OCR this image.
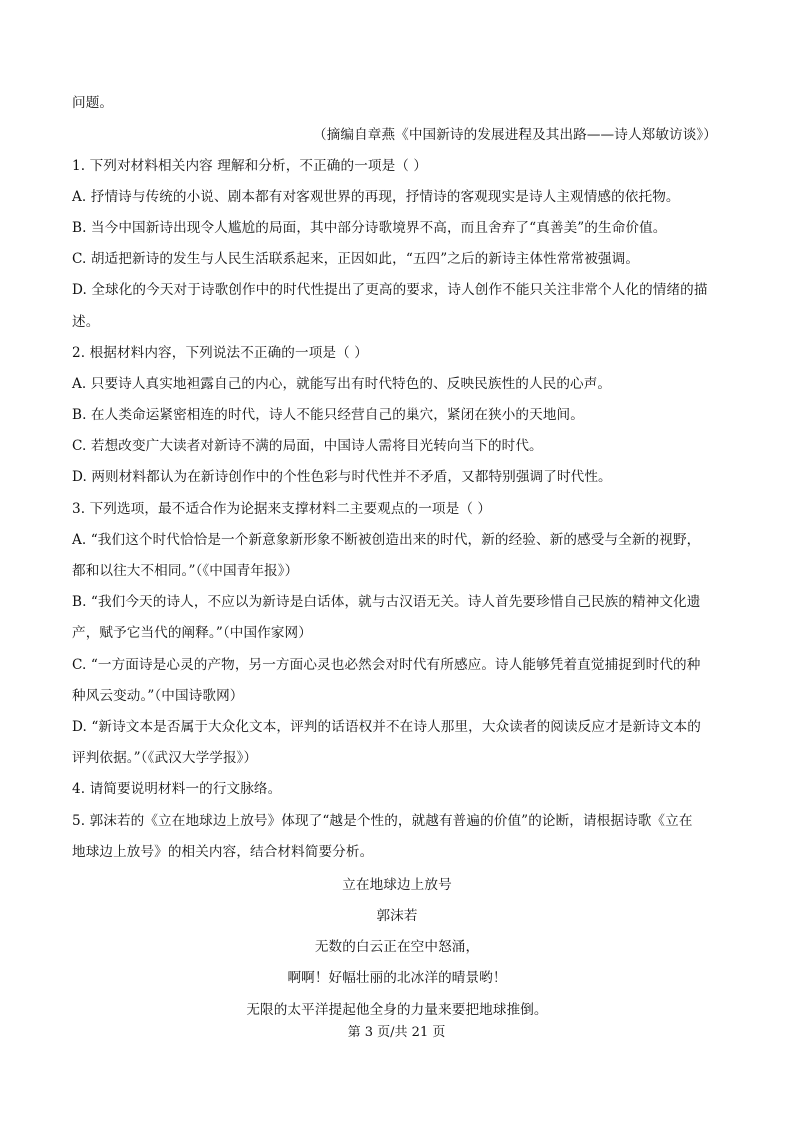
问题。
（摘编自章燕《中国新诗的发展进程及其出路——诗人郑敏访谈》）
1. 下列对材料相关内容 理解和分析，不正确的一项是（ ）
A. 抒情诗与传统的小说、剧本都有对客观世界的再现，抒情诗的客观现实是诗人主观情感的依托物。
B. 当今中国新诗出现令人尴尬的局面，其中部分诗歌境界不高，而且舍弃了“真善美”的生命价值。
C. 胡适把新诗的发生与人民生活联系起来，正因如此，“五四”之后的新诗主体性常常被强调。
D. 全球化的今天对于诗歌创作中的时代性提出了更高的要求，诗人创作不能只关注非常个人化的情绪的描
述。
2. 根据材料内容，下列说法不正确的一项是（ ）
A. 只要诗人真实地袒露自己的内心，就能写出有时代特色的、反映民族性的人民的心声。
B. 在人类命运紧密相连的时代，诗人不能只经营自己的巢穴，紧闭在狭小的天地间。
C. 若想改变广大读者对新诗不满的局面，中国诗人需将目光转向当下的时代。
D. 两则材料都认为在新诗创作中的个性色彩与时代性并不矛盾，又都特别强调了时代性。
3. 下列选项，最不适合作为论据来支撑材料二主要观点的一项是（ ）
A. “我们这个时代恰恰是一个新意象新形象不断被创造出来的时代，新的经验、新的感受与全新的视野，
都和以往大不相同。”（《中国青年报》）
B. “我们今天的诗人，不应以为新诗是白话体，就与古汉语无关。诗人首先要珍惜自己民族的精神文化遗
产，赋予它当代的阐释。”（中国作家网）
C. “一方面诗是心灵的产物，另一方面心灵也必然会对时代有所感应。诗人能够凭着直觉捕捉到时代的种
种风云变动。”（中国诗歌网）
D. “新诗文本是否属于大众化文本，评判的话语权并不在诗人那里，大众读者的阅读反应才是新诗文本的
评判依据。”（《武汉大学学报》）
4. 请简要说明材料一的行文脉络。
5. 郭沫若的《立在地球边上放号》体现了“越是个性的，就越有普遍的价值”的论断，请根据诗歌《立在
地球边上放号》的相关内容，结合材料简要分析。
立在地球边上放号
郭沫若
无数的白云正在空中怒涌，
啊啊！好幅壮丽的北冰洋的晴景哟！
无限的太平洋提起他全身的力量来要把地球推倒。
第 3 页/共 21 页
